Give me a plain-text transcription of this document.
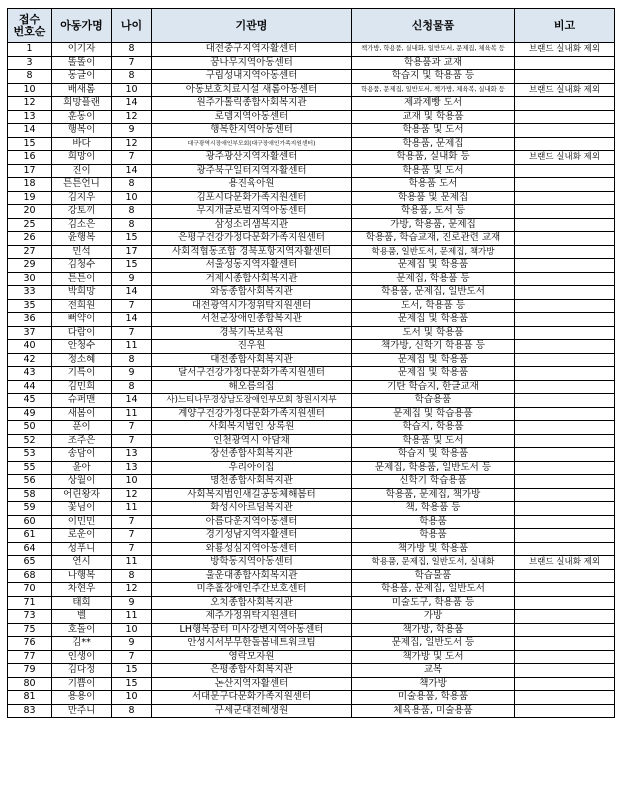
접수
번호순	아동가명	나이	기관명	신청물품	비고
1	이기자	8	대전중구지역자활센터	책가방, 학용품, 실내화, 일반도서, 문제집, 체육복 등	브랜드 실내화 제외
3	똘똘이	7	꿈나무지역아동센터	학용품과 교재	
8	동글이	8	구립성내지역아동센터	학습지 및 학용품 등	
10	배새롬	10	아동보호치료시설 새롬아동센터	학용품, 문제집, 일반도서, 책가방, 체육복, 실내화 등	브랜드 실내화 제외
12	희망플랜	14	원주가톨릭종합사회복지관	제과제빵 도서	
13	훈동이	12	로뎀지역아동센터	교재 및 학용품	
14	행복이	9	행복한지역아동센터	학용품 및 도서	
15	바다	12	대구광역시장애인부모회(대구장애인가족지원센터)	학용품, 문제집	
16	희망이	7	광주광산지역자활센터	학용품, 실내화 등	브랜드 실내화 제외
17	진이	14	광주북구일터지역자활센터	학용품 및 도서	
18	튼튼언니	8	용진육아원	학용품 도서	
19	김지우	10	김포시다문화가족지원센터	학용품 및 문제집	
20	강토끼	8	무지개글로벌지역아동센터	학용품, 도서 등	
25	김소은	8	삼성소리샘복지관	가방, 학용품, 문제집	
26	윤행복	15	은평구건강가정다문화가족지원센터	학용품, 학습교재, 진로관련 교재	
27	민석	17	사회적협동조합 경북포항지역자활센터	학용품, 일반도서, 문제집, 책가방	
29	김청수	15	서울성동지역자활센터	문제집 및 학용품	
30	튼튼이	9	거제시종합사회복지관	문제집, 학용품 등	
33	박희망	14	와동종합사회복지관	학용품, 문제집, 일반도서	
35	전희원	7	대전광역시가정위탁지원센터	도서, 학용품 등	
36	뻐약이	14	서천군장애인종합복지관	문제집 및 학용품	
37	다람이	7	경북기독보육원	도서 및 학용품	
40	안청수	11	진우원	책가방, 신학기 학용품 등	
42	정소혜	8	대전종합사회복지관	문제집 및 학용품	
43	기특이	9	달서구건강가정다문화가족지원센터	문제집 및 학용품	
44	김민희	8	해오름의집	기탄 학습지, 한글교재	
45	슈퍼맨	14	사)느티나무경상남도장애인부모회 창원시지부	학습용품	
49	새봄이	11	계양구건강가정다문화가족지원센터	문제집 및 학습용품	
50	푼이	7	사회복지법인 상록원	학습지, 학용품	
52	조주은	7	인천광역시 아담채	학용품 및 도서	
53	송담이	13	장선종합사회복지관	학습지 및 학용품	
55	윤아	13	우리아이집	문제집, 학용품, 일반도서 등	
56	상월이	10	명천종합사회복지관	신학기 학습용품	
58	어린왕자	12	사회복지법인새길공동체해봄터	학용품, 문제집, 책가방	
59	꽃님이	11	화성시아르딤복지관	책, 학용품 등	
60	이민민	7	아름다운지역아동센터	학용품	
61	로운이	7	경기성남지역자활센터	학용품	
64	성푸니	7	와룡성심지역아동센터	책가방 및 학용품	
65	연시	11	방학동지역아동센터	학용품, 문제집, 일반도서, 실내화	브랜드 실내화 제외
68	나행복	8	울운대종합사회복지관	학습물품	
70	차현우	12	미추홀장애인주간보호센터	학용품, 문제집, 일반도서	
71	태희	9	오치종합사회복지관	미술도구, 학용품 등	
73	벨	11	제주가정위탁지원센터	가방	
75	호돌이	10	LH행복꿈터 미사강변지역아동센터	책가방, 학용품	
76	김**	9	안성시서부무한돌봄네트워크팀	문제집, 일반도서 등	
77	인생이	7	영락모자원	책가방 및 도서	
79	김다정	15	은평종합사회복지관	교복	
80	기쁨이	15	논산지역자활센터	책가방	
81	용용이	10	서대문구다문화가족지원센터	미술용품, 학용품	
83	만주니	8	구세군대전혜생원	체육용품, 미술용품	
